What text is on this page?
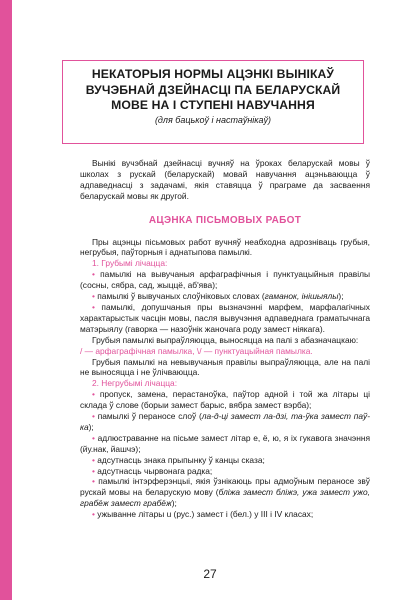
НЕКАТОРЫЯ НОРМЫ АЦЭНКІ ВЫНІКАЎ ВУЧЭБНАЙ ДЗЕЙНАСЦІ ПА БЕЛАРУСКАЙ МОВЕ НА І СТУПЕНІ НАВУЧАННЯ
(для бацькоў і настаўнікаў)

Вынікі вучэбнай дзейнасці вучняў на ўроках беларускай мовы ў школах з рускай (беларускай) мовай навучання ацэньваюцца ў адпаведнасці з задачамі, якія ставяцца ў праграме да засваення беларускай мовы як другой.

АЦЭНКА ПІСЬМОВЫХ РАБОТ

Пры ацэнцы пісьмовых работ вучняў неабходна адрозніваць грубыя, негрубыя, паўторныя і аднатыпова памылкі.

1. Грубымі лічацца:

• памылкі на вывучаныя арфаграфічныя і пунктуацыйныя правілы (сосны, сябра, сад, жыццё, аб'ява);

• памылкі ў вывучаных слоўніковых словах (гаманок, інішыялы);

• памылкі, допушчаныя пры вызначэнні марфем, марфалагічных характарыстык часцін мовы, пасля вывучэння адпаведнага граматычнага матэрыялу (гаворка — назоўнік жаночага роду замест ніякага).

Грубыя памылкі выпраўляюцца, выносяцца на палі з абазначацкаю:

/ — арфаграфічная памылка, \/ — пунктуацыйная памылка.

Грубыя памылкі на невывучаныя правілы выпраўляюцца, але на палі не выносяцца і не ўлічваюцца.

2. Негрубымі лічацца:

• пропуск, замена, перастаноўка, паўтор адной і той жа літары ці склада ў слове (борыи замест барыс, вябра замест вэрба);

• памылкі ў пераносе слоў (ла-д-ці замест ла-дзі, та-ўка замест паў-ка);

• адлюстраванне на пісьме замест літар е, ё, ю, я іх гукавога значэння (йу.нак, йашчэ);

• адсутнасць знака прыпынку ў канцы сказа;

• адсутнасць чырвонага радка;

• памылкі інтэрферэнцыі, якія ўзнікаюць пры адмоўным пераносе звў рускай мовы на беларускую мову (бліжа замест бліжэ, ужа замест ужо, грабёж замест грабёж);

• ужыванне літары u (рус.) замест і (бел.) у ІІІ і ІV класах;

27
